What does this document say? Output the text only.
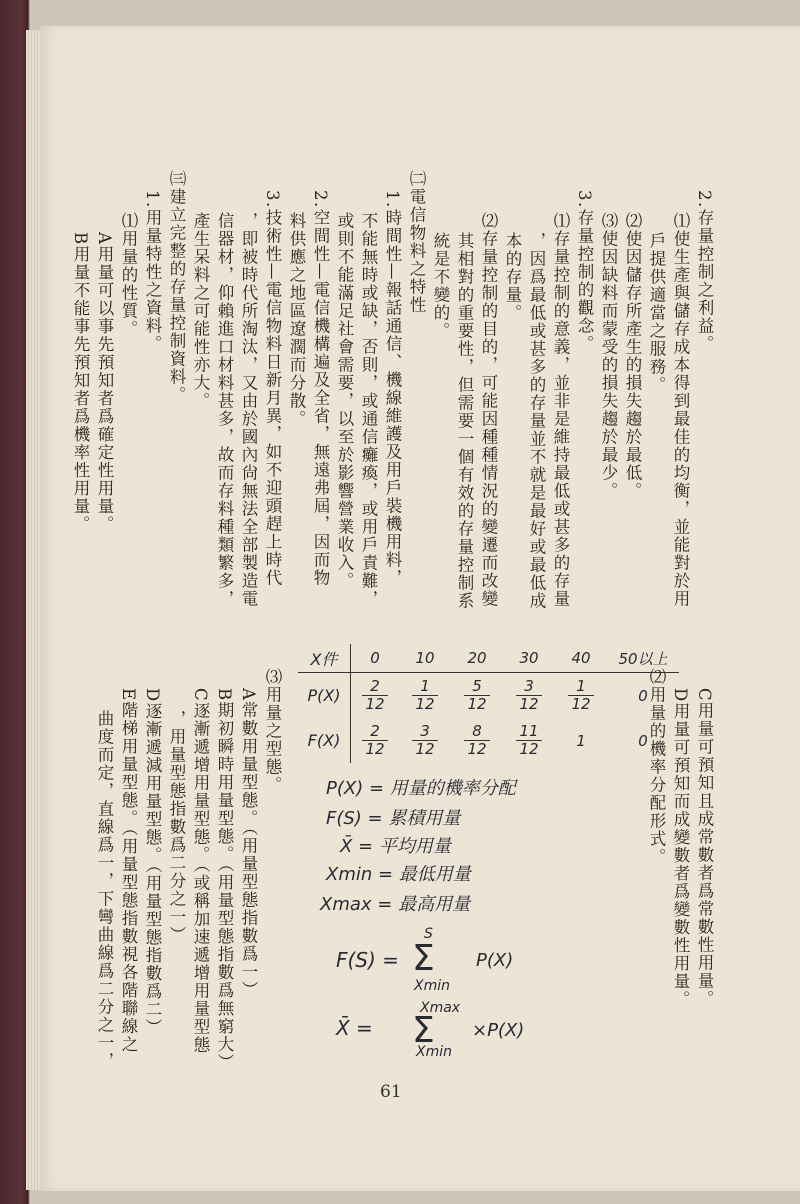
2.存量控制之利益。
⑴使生產與儲存成本得到最佳的均衡，並能對於用
戶提供適當之服務。
⑵使因儲存所產生的損失趨於最低。
⑶使因缺料而蒙受的損失趨於最少。
3.存量控制的觀念。
⑴存量控制的意義，並非是維持最低或甚多的存量
，因爲最低或甚多的存量並不就是最好或最低成
本的存量。
⑵存量控制的目的，可能因種種情況的變遷而改變
其相對的重要性，但需要一個有效的存量控制系
統是不變的。
㈡電信物料之特性
1.時間性—報話通信、機線維護及用戶裝機用料，
不能無時或缺，否則，或通信癱瘓，或用戶責難，
或則不能滿足社會需要，以至於影響營業收入。
2.空間性—電信機構遍及全省，無遠弗屆，因而物
料供應之地區遼濶而分散。
3.技術性—電信物料日新月異，如不迎頭趕上時代
，即被時代所淘汰，又由於國內尙無法全部製造電
信器材，仰賴進口材料甚多，故而存料種類繁多，
產生呆料之可能性亦大。
㈢建立完整的存量控制資料。
1.用量特性之資料。
⑴用量的性質。
A用量可以事先預知者爲確定性用量。
B用量不能事先預知者爲機率性用量。
C用量可預知且成常數者爲常數性用量。
D用量可預知而成變數者爲變數性用量。
⑵用量的機率分配形式。
⑶用量之型態。
A常數用量型態。（用量型態指數爲一）
B期初瞬時用量型態。（用量型態指數爲無窮大）
C逐漸遞增用量型態。（或稱加速遞增用量型態
，用量型態指數爲二分之一）
D逐漸遞減用量型態。（用量型態指數爲二）
E階梯用量型態。（用量型態指數視各階聯線之
曲度而定，直線爲一，下彎曲線爲二分之一，
X件	0	10	20	30	40	50以上
P(X)	$\frac{2}{12}$	$\frac{1}{12}$	$\frac{5}{12}$	$\frac{3}{12}$	$\frac{1}{12}$	0
F(X)	$\frac{2}{12}$	$\frac{3}{12}$	$\frac{8}{12}$	$\frac{11}{12}$	1	0
P(X) = 用量的機率分配
F(S) = 累積用量
X̄ = 平均用量
Xmin = 最低用量
Xmax = 最高用量
F(S) =
S
Σ
Xmin
P(X)
X̄ =
Xmax
Σ
Xmin
×P(X)
61
